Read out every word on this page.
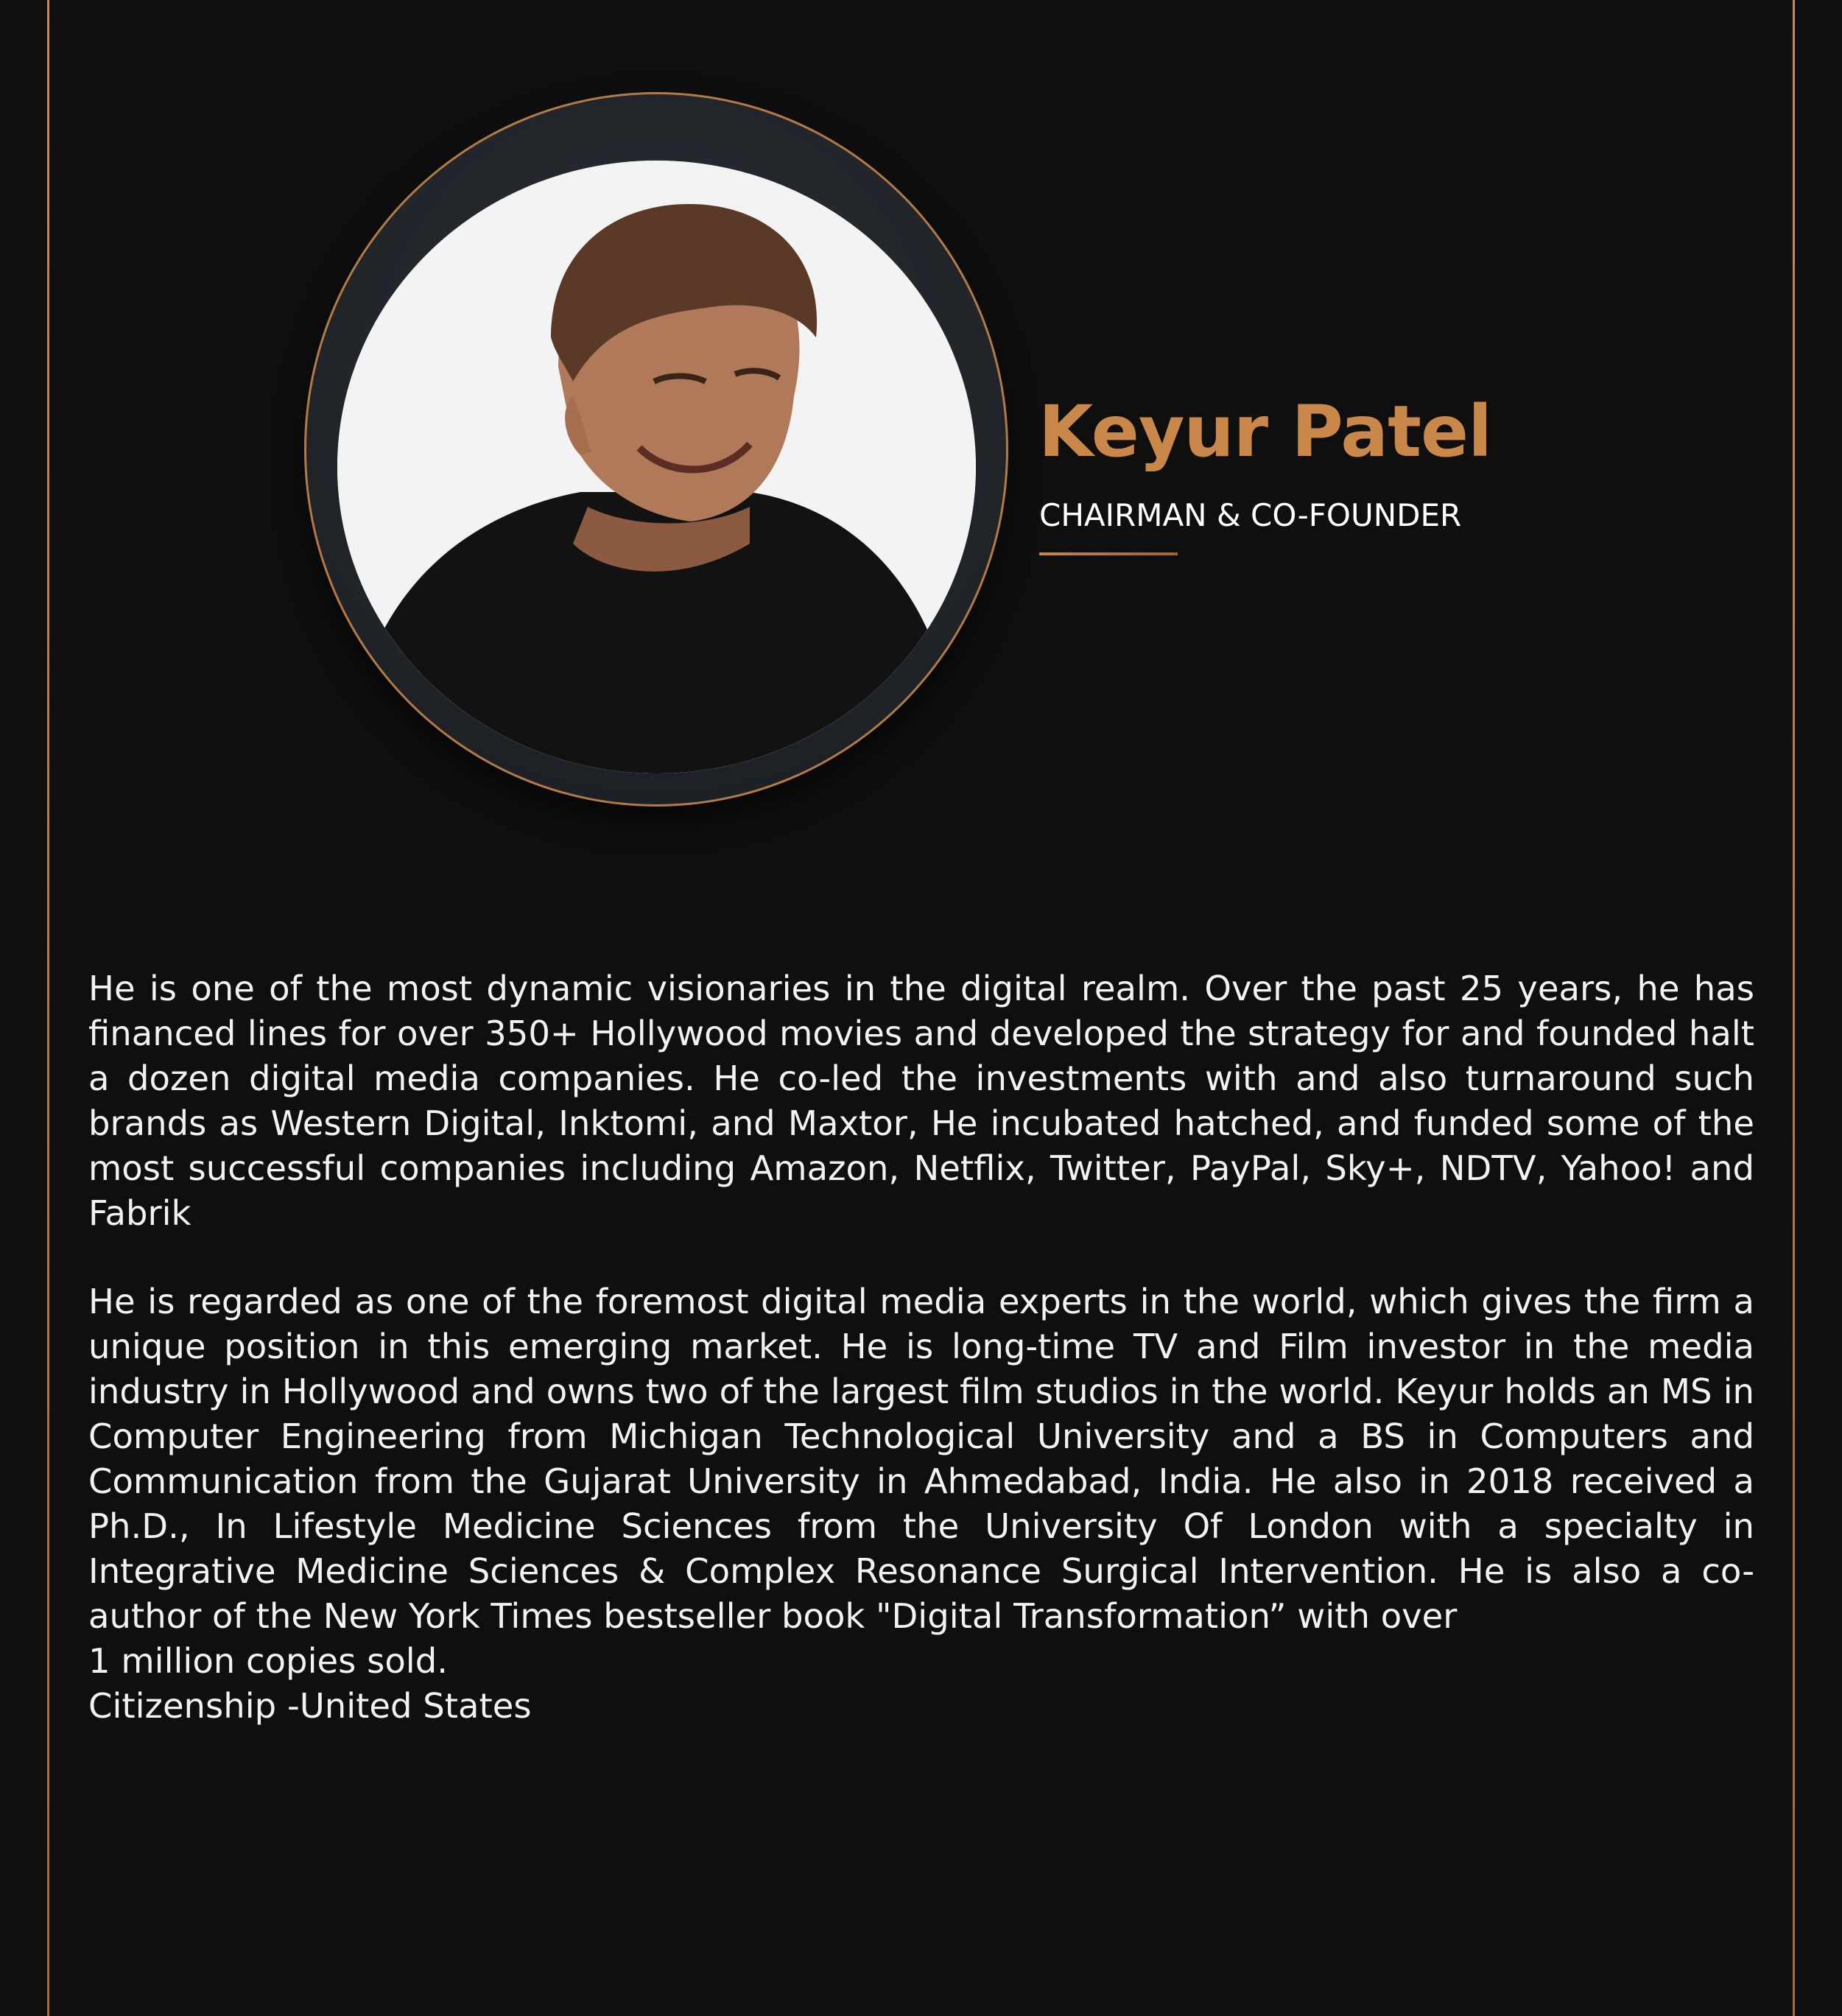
Keyur Patel
CHAIRMAN & CO-FOUNDER

He is one of the most dynamic visionaries in the digital realm. Over the past 25 years, he has financed lines for over 350+ Hollywood movies and developed the strategy for and founded halt a dozen digital media companies. He co-led the investments with and also turnaround such brands as Western Digital, Inktomi, and Maxtor, He incubated hatched, and funded some of the most successful companies including Amazon, Netflix, Twitter, PayPal, Sky+, NDTV, Yahoo! and Fabrik

He is regarded as one of the foremost digital media experts in the world, which gives the firm a unique position in this emerging market. He is long-time TV and Film investor in the media industry in Hollywood and owns two of the largest film studios in the world. Keyur holds an MS in Computer Engineering from Michigan Technological University and a BS in Computers and Communication from the Gujarat University in Ahmedabad, India. He also in 2018 received a Ph.D., In Lifestyle Medicine Sciences from the University Of London with a specialty in Integrative Medicine Sciences & Complex Resonance Surgical Intervention. He is also a co-author of the New York Times bestseller book "Digital Transformation” with over

1 million copies sold.
Citizenship -United States
